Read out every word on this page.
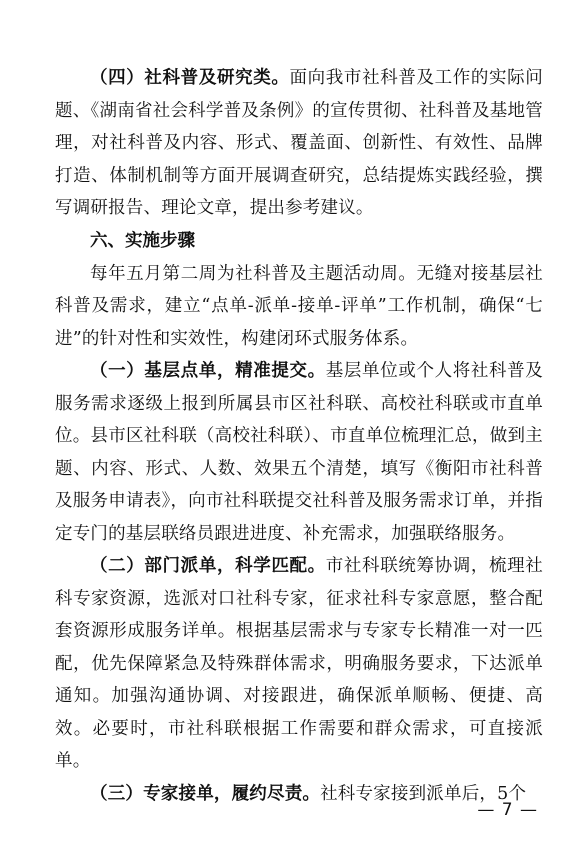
（四）社科普及研究类。面向我市社科普及工作的实际问题、《湖南省社会科学普及条例》的宣传贯彻、社科普及基地管理，对社科普及内容、形式、覆盖面、创新性、有效性、品牌打造、体制机制等方面开展调查研究，总结提炼实践经验，撰写调研报告、理论文章，提出参考建议。

六、实施步骤

每年五月第二周为社科普及主题活动周。无缝对接基层社科普及需求，建立“点单-派单-接单-评单”工作机制，确保“七进”的针对性和实效性，构建闭环式服务体系。

（一）基层点单，精准提交。基层单位或个人将社科普及服务需求逐级上报到所属县市区社科联、高校社科联或市直单位。县市区社科联（高校社科联）、市直单位梳理汇总，做到主题、内容、形式、人数、效果五个清楚，填写《衡阳市社科普及服务申请表》，向市社科联提交社科普及服务需求订单，并指定专门的基层联络员跟进进度、补充需求，加强联络服务。

（二）部门派单，科学匹配。市社科联统筹协调，梳理社科专家资源，选派对口社科专家，征求社科专家意愿，整合配套资源形成服务详单。根据基层需求与专家专长精准一对一匹配，优先保障紧急及特殊群体需求，明确服务要求，下达派单通知。加强沟通协调、对接跟进，确保派单顺畅、便捷、高效。必要时，市社科联根据工作需要和群众需求，可直接派单。

（三）专家接单，履约尽责。社科专家接到派单后，5个

— 7 —
